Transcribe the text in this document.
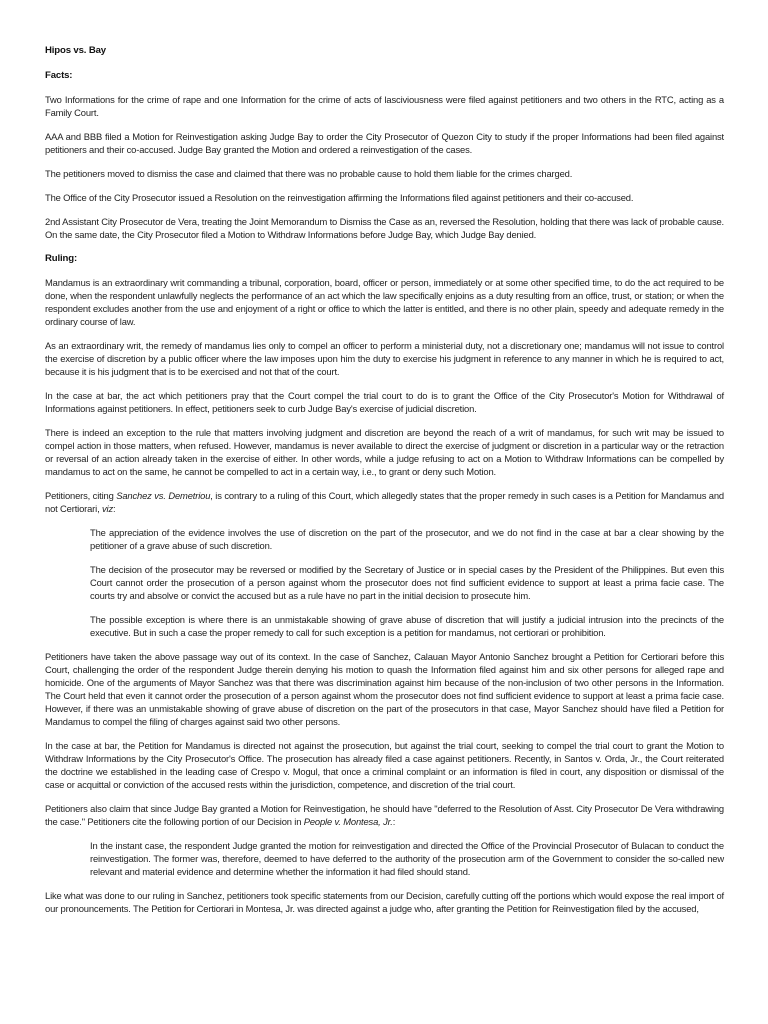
Hipos vs. Bay
Facts:

Two Informations for the crime of rape and one Information for the crime of acts of lasciviousness were filed against petitioners and two others in the RTC, acting as a Family Court.

AAA and BBB filed a Motion for Reinvestigation asking Judge Bay to order the City Prosecutor of Quezon City to study if the proper Informations had been filed against petitioners and their co-accused. Judge Bay granted the Motion and ordered a reinvestigation of the cases.

The petitioners moved to dismiss the case and claimed that there was no probable cause to hold them liable for the crimes charged.

The Office of the City Prosecutor issued a Resolution on the reinvestigation affirming the Informations filed against petitioners and their co-accused.

2nd Assistant City Prosecutor de Vera, treating the Joint Memorandum to Dismiss the Case as an, reversed the Resolution, holding that there was lack of probable cause. On the same date, the City Prosecutor filed a Motion to Withdraw Informations before Judge Bay, which Judge Bay denied.

Ruling:

Mandamus is an extraordinary writ commanding a tribunal, corporation, board, officer or person, immediately or at some other specified time, to do the act required to be done, when the respondent unlawfully neglects the performance of an act which the law specifically enjoins as a duty resulting from an office, trust, or station; or when the respondent excludes another from the use and enjoyment of a right or office to which the latter is entitled, and there is no other plain, speedy and adequate remedy in the ordinary course of law.

As an extraordinary writ, the remedy of mandamus lies only to compel an officer to perform a ministerial duty, not a discretionary one; mandamus will not issue to control the exercise of discretion by a public officer where the law imposes upon him the duty to exercise his judgment in reference to any manner in which he is required to act, because it is his judgment that is to be exercised and not that of the court.

In the case at bar, the act which petitioners pray that the Court compel the trial court to do is to grant the Office of the City Prosecutor's Motion for Withdrawal of Informations against petitioners. In effect, petitioners seek to curb Judge Bay's exercise of judicial discretion.

There is indeed an exception to the rule that matters involving judgment and discretion are beyond the reach of a writ of mandamus, for such writ may be issued to compel action in those matters, when refused. However, mandamus is never available to direct the exercise of judgment or discretion in a particular way or the retraction or reversal of an action already taken in the exercise of either. In other words, while a judge refusing to act on a Motion to Withdraw Informations can be compelled by mandamus to act on the same, he cannot be compelled to act in a certain way, i.e., to grant or deny such Motion.

Petitioners, citing Sanchez vs. Demetriou, is contrary to a ruling of this Court, which allegedly states that the proper remedy in such cases is a Petition for Mandamus and not Certiorari, viz:

The appreciation of the evidence involves the use of discretion on the part of the prosecutor, and we do not find in the case at bar a clear showing by the petitioner of a grave abuse of such discretion.
The decision of the prosecutor may be reversed or modified by the Secretary of Justice or in special cases by the President of the Philippines. But even this Court cannot order the prosecution of a person against whom the prosecutor does not find sufficient evidence to support at least a prima facie case. The courts try and absolve or convict the accused but as a rule have no part in the initial decision to prosecute him.
The possible exception is where there is an unmistakable showing of grave abuse of discretion that will justify a judicial intrusion into the precincts of the executive. But in such a case the proper remedy to call for such exception is a petition for mandamus, not certiorari or prohibition.

Petitioners have taken the above passage way out of its context. In the case of Sanchez, Calauan Mayor Antonio Sanchez brought a Petition for Certiorari before this Court, challenging the order of the respondent Judge therein denying his motion to quash the Information filed against him and six other persons for alleged rape and homicide. One of the arguments of Mayor Sanchez was that there was discrimination against him because of the non-inclusion of two other persons in the Information. The Court held that even it cannot order the prosecution of a person against whom the prosecutor does not find sufficient evidence to support at least a prima facie case. However, if there was an unmistakable showing of grave abuse of discretion on the part of the prosecutors in that case, Mayor Sanchez should have filed a Petition for Mandamus to compel the filing of charges against said two other persons.

In the case at bar, the Petition for Mandamus is directed not against the prosecution, but against the trial court, seeking to compel the trial court to grant the Motion to Withdraw Informations by the City Prosecutor's Office. The prosecution has already filed a case against petitioners. Recently, in Santos v. Orda, Jr., the Court reiterated the doctrine we established in the leading case of Crespo v. Mogul, that once a criminal complaint or an information is filed in court, any disposition or dismissal of the case or acquittal or conviction of the accused rests within the jurisdiction, competence, and discretion of the trial court.

Petitioners also claim that since Judge Bay granted a Motion for Reinvestigation, he should have "deferred to the Resolution of Asst. City Prosecutor De Vera withdrawing the case." Petitioners cite the following portion of our Decision in People v. Montesa, Jr.:

In the instant case, the respondent Judge granted the motion for reinvestigation and directed the Office of the Provincial Prosecutor of Bulacan to conduct the reinvestigation. The former was, therefore, deemed to have deferred to the authority of the prosecution arm of the Government to consider the so-called new relevant and material evidence and determine whether the information it had filed should stand.

Like what was done to our ruling in Sanchez, petitioners took specific statements from our Decision, carefully cutting off the portions which would expose the real import of our pronouncements. The Petition for Certiorari in Montesa, Jr. was directed against a judge who, after granting the Petition for Reinvestigation filed by the accused,
